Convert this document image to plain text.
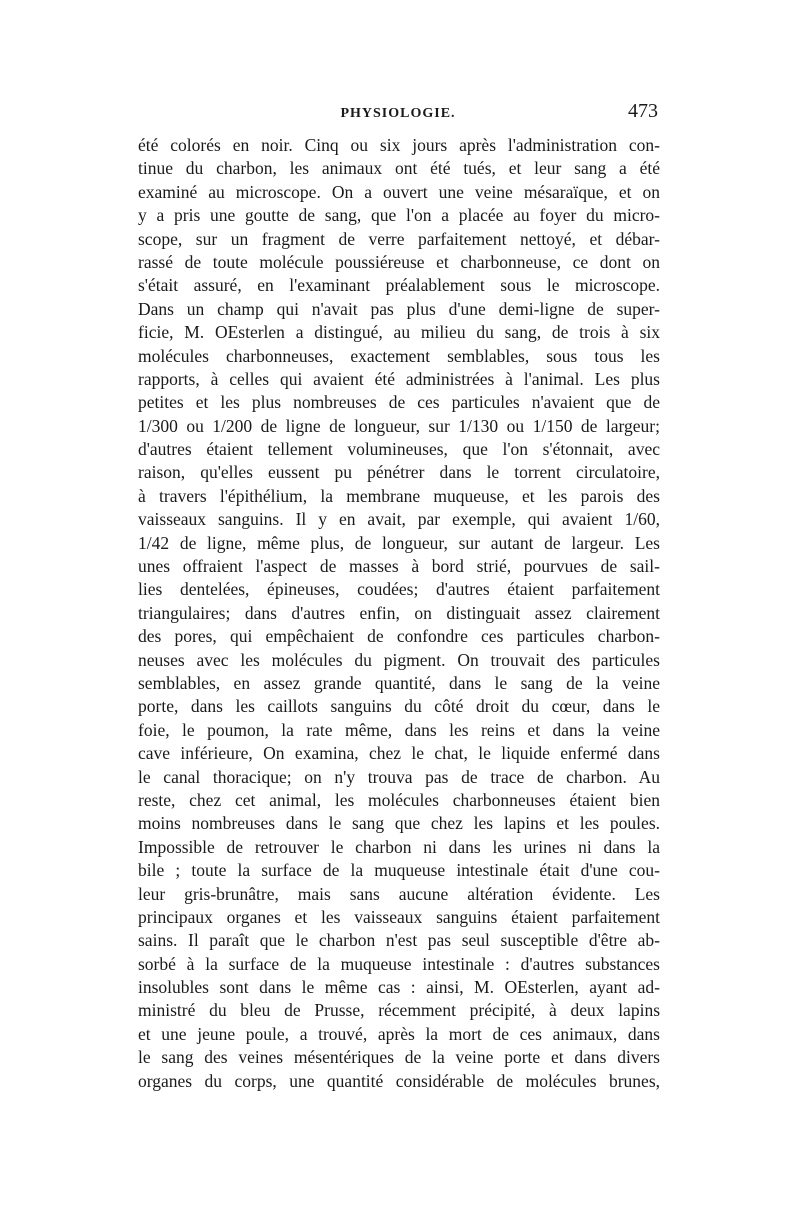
PHYSIOLOGIE.	473
été colorés en noir. Cinq ou six jours après l'administration con-
tinue du charbon, les animaux ont été tués, et leur sang a été
examiné au microscope. On a ouvert une veine mésaraïque, et on
y a pris une goutte de sang, que l'on a placée au foyer du micro-
scope, sur un fragment de verre parfaitement nettoyé, et débar-
rassé de toute molécule poussiéreuse et charbonneuse, ce dont on
s'était assuré, en l'examinant préalablement sous le microscope.
Dans un champ qui n'avait pas plus d'une demi-ligne de super-
ficie, M. OEsterlen a distingué, au milieu du sang, de trois à six
molécules charbonneuses, exactement semblables, sous tous les
rapports, à celles qui avaient été administrées à l'animal. Les plus
petites et les plus nombreuses de ces particules n'avaient que de
1/300 ou 1/200 de ligne de longueur, sur 1/130 ou 1/150 de largeur;
d'autres étaient tellement volumineuses, que l'on s'étonnait, avec
raison, qu'elles eussent pu pénétrer dans le torrent circulatoire,
à travers l'épithélium, la membrane muqueuse, et les parois des
vaisseaux sanguins. Il y en avait, par exemple, qui avaient 1/60,
1/42 de ligne, même plus, de longueur, sur autant de largeur. Les
unes offraient l'aspect de masses à bord strié, pourvues de sail-
lies dentelées, épineuses, coudées; d'autres étaient parfaitement
triangulaires; dans d'autres enfin, on distinguait assez clairement
des pores, qui empêchaient de confondre ces particules charbon-
neuses avec les molécules du pigment. On trouvait des particules
semblables, en assez grande quantité, dans le sang de la veine
porte, dans les caillots sanguins du côté droit du cœur, dans le
foie, le poumon, la rate même, dans les reins et dans la veine
cave inférieure, On examina, chez le chat, le liquide enfermé dans
le canal thoracique; on n'y trouva pas de trace de charbon. Au
reste, chez cet animal, les molécules charbonneuses étaient bien
moins nombreuses dans le sang que chez les lapins et les poules.
Impossible de retrouver le charbon ni dans les urines ni dans la
bile ; toute la surface de la muqueuse intestinale était d'une cou-
leur gris-brunâtre, mais sans aucune altération évidente. Les
principaux organes et les vaisseaux sanguins étaient parfaitement
sains. Il paraît que le charbon n'est pas seul susceptible d'être ab-
sorbé à la surface de la muqueuse intestinale : d'autres substances
insolubles sont dans le même cas : ainsi, M. OEsterlen, ayant ad-
ministré du bleu de Prusse, récemment précipité, à deux lapins
et une jeune poule, a trouvé, après la mort de ces animaux, dans
le sang des veines mésentériques de la veine porte et dans divers
organes du corps, une quantité considérable de molécules brunes,
